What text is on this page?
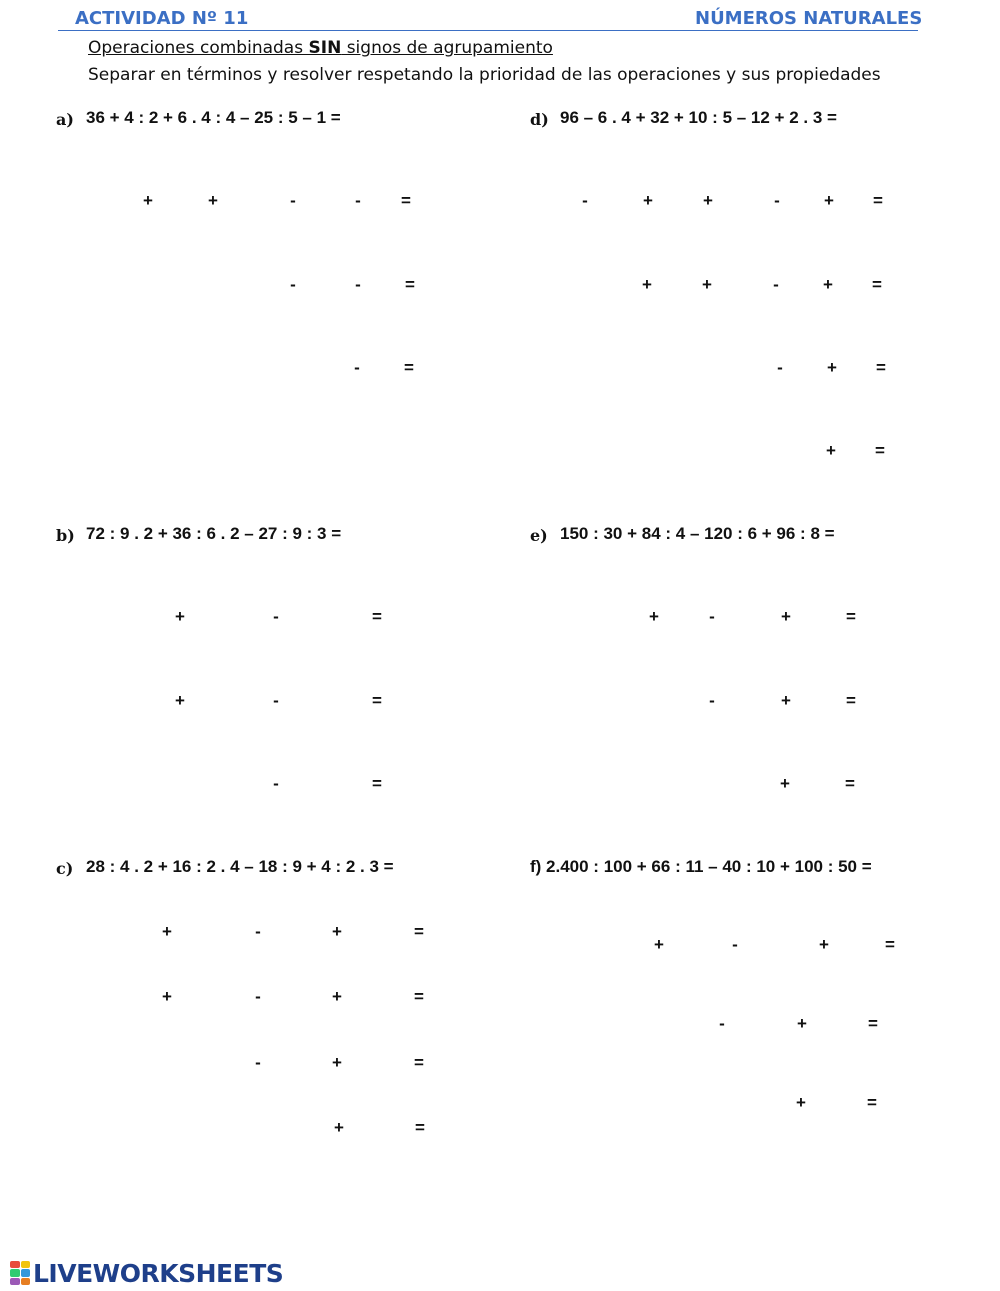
ACTIVIDAD Nº 11	NÚMEROS NATURALES
Operaciones combinadas SIN signos de agrupamiento
Separar en términos y resolver respetando la prioridad de las operaciones y sus propiedades
a) 36 + 4 : 2 + 6 . 4 : 4 – 25 : 5 – 1 =
+	+	-	- =
-	-	=
-	=
d) 96 – 6 . 4 + 32 + 10 : 5 – 12 + 2 . 3 =
-	+	+	-	+ =
+	+	-	+ =
-	+ =
+ =
b) 72 : 9 . 2 + 36 : 6 . 2 – 27 : 9 : 3 =
+	-	=
+	-	=
-	=
e) 150 : 30 + 84 : 4 – 120 : 6 + 96 : 8 =
+	-	+	=
-	+	=
+	=
c) 28 : 4 . 2 + 16 : 2 . 4 – 18 : 9 + 4 : 2 . 3 =
+	-	+	=
+	-	+	=
-	+	=
+	=
f) 2.400 : 100 + 66 : 11 – 40 : 10 + 100 : 50 =
+	-	+	=
-	+	=
+	=
LIVEWORKSHEETS
